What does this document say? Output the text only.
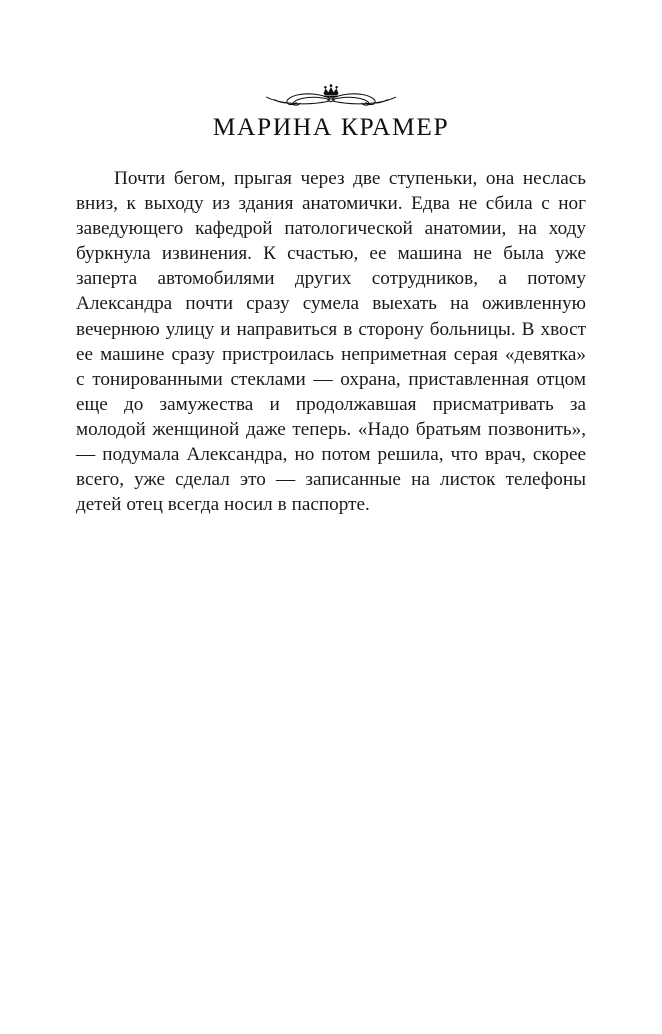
МАРИНА КРАМЕР

Почти бегом, прыгая через две ступеньки, она неслась вниз, к выходу из здания анатомички. Едва не сбила с ног заведующего кафедрой патологической анатомии, на ходу буркнула извинения. К счастью, ее машина не была уже заперта автомобилями других сотрудников, а потому Александра почти сразу сумела выехать на оживленную вечернюю улицу и направиться в сторону больницы. В хвост ее машине сразу пристроилась неприметная серая «девятка» с тонированными стеклами — охрана, приставленная отцом еще до замужества и продолжавшая присматривать за молодой женщиной даже теперь. «Надо братьям позвонить», — подумала Александра, но потом решила, что врач, скорее всего, уже сделал это — записанные на листок телефоны детей отец всегда носил в паспорте.
